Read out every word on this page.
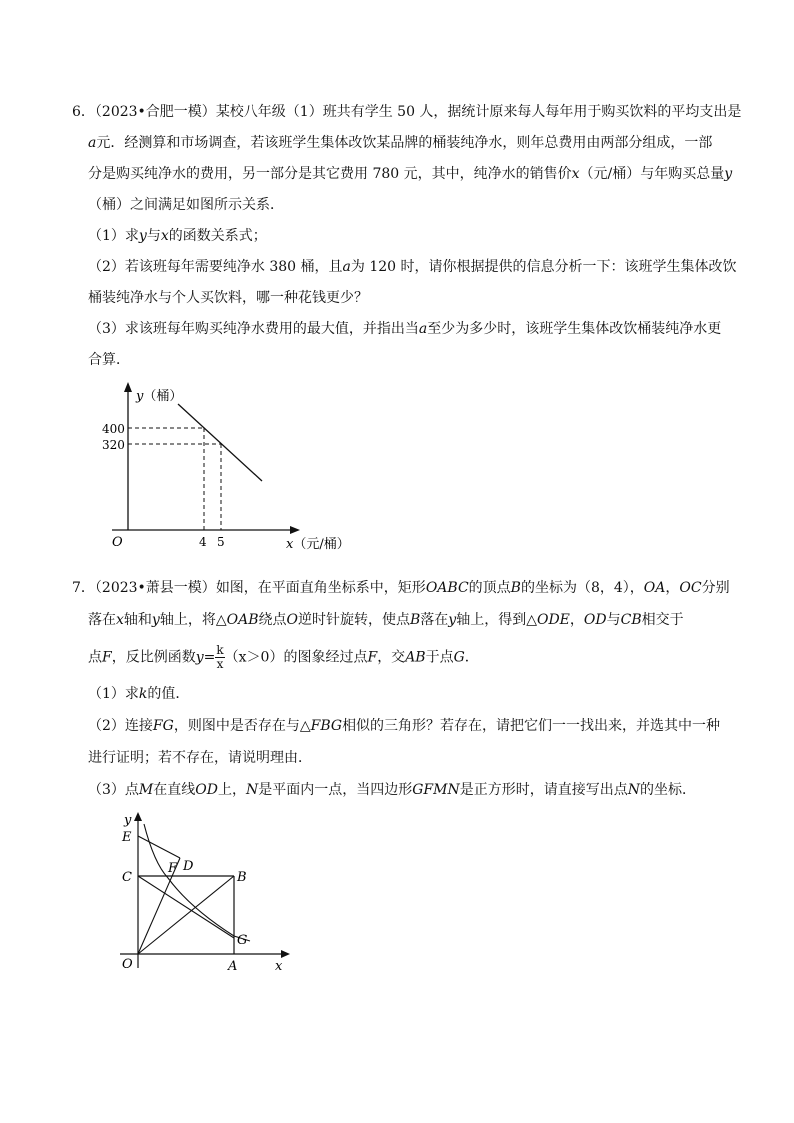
6．（2023•合肥一模）某校八年级（1）班共有学生 50 人，据统计原来每人每年用于购买饮料的平均支出是
a元．经测算和市场调查，若该班学生集体改饮某品牌的桶装纯净水，则年总费用由两部分组成，一部
分是购买纯净水的费用，另一部分是其它费用 780 元，其中，纯净水的销售价x（元/桶）与年购买总量y
（桶）之间满足如图所示关系．
（1）求y与x的函数关系式；
（2）若该班每年需要纯净水 380 桶，且a为 120 时，请你根据提供的信息分析一下：该班学生集体改饮
桶装纯净水与个人买饮料，哪一种花钱更少？
（3）求该班每年购买纯净水费用的最大值，并指出当a至少为多少时，该班学生集体改饮桶装纯净水更
合算．
y（桶）
400
320
O	4 5	x（元/桶）
7．（2023•萧县一模）如图，在平面直角坐标系中，矩形OABC的顶点B的坐标为（8，4），OA，OC分别
落在x轴和y轴上，将△OAB绕点O逆时针旋转，使点B落在y轴上，得到△ODE，OD与CB相交于
点F，反比例函数$y= \frac{k}{x} (x>0)$的图象经过点F，交AB于点G．
（1）求k的值．
（2）连接FG，则图中是否存在与△FBG相似的三角形？若存在，请把它们一一找出来，并选其中一种
进行证明；若不存在，请说明理由．
（3）点M在直线OD上，N是平面内一点，当四边形GFMN是正方形时，请直接写出点N的坐标．
y
E
D
C
F
B
G
O	A	x
